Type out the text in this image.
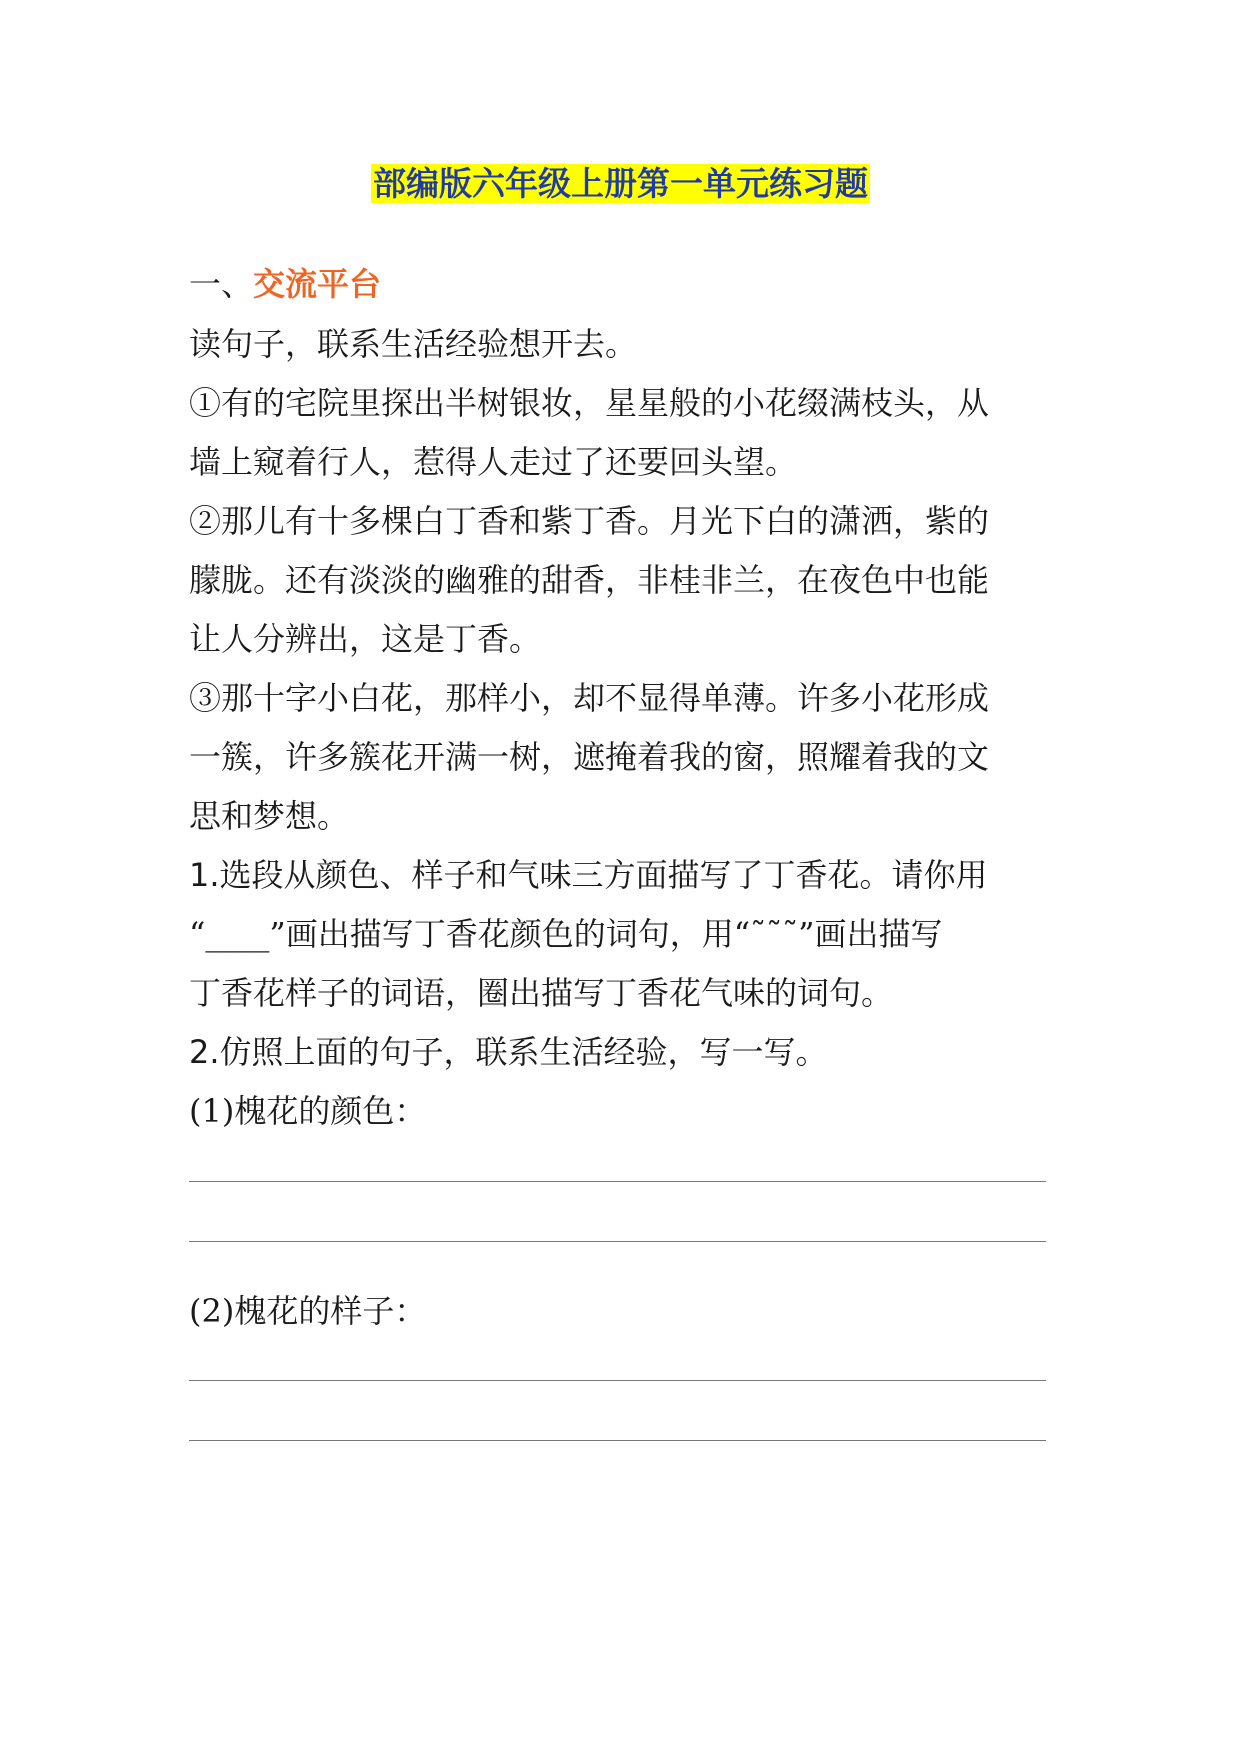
部编版六年级上册第一单元练习题
一、交流平台
读句子，联系生活经验想开去。
①有的宅院里探出半树银妆，星星般的小花缀满枝头，从
墙上窥着行人，惹得人走过了还要回头望。
②那儿有十多棵白丁香和紫丁香。月光下白的潇洒，紫的
朦胧。还有淡淡的幽雅的甜香，非桂非兰，在夜色中也能
让人分辨出，这是丁香。
③那十字小白花，那样小，却不显得单薄。许多小花形成
一簇，许多簇花开满一树，遮掩着我的窗，照耀着我的文
思和梦想。
1.选段从颜色、样子和气味三方面描写了丁香花。请你用
“____”画出描写丁香花颜色的词句，用“˜˜˜”画出描写
丁香花样子的词语，圈出描写丁香花气味的词句。
2.仿照上面的句子，联系生活经验，写一写。
(1)槐花的颜色：
(2)槐花的样子：
